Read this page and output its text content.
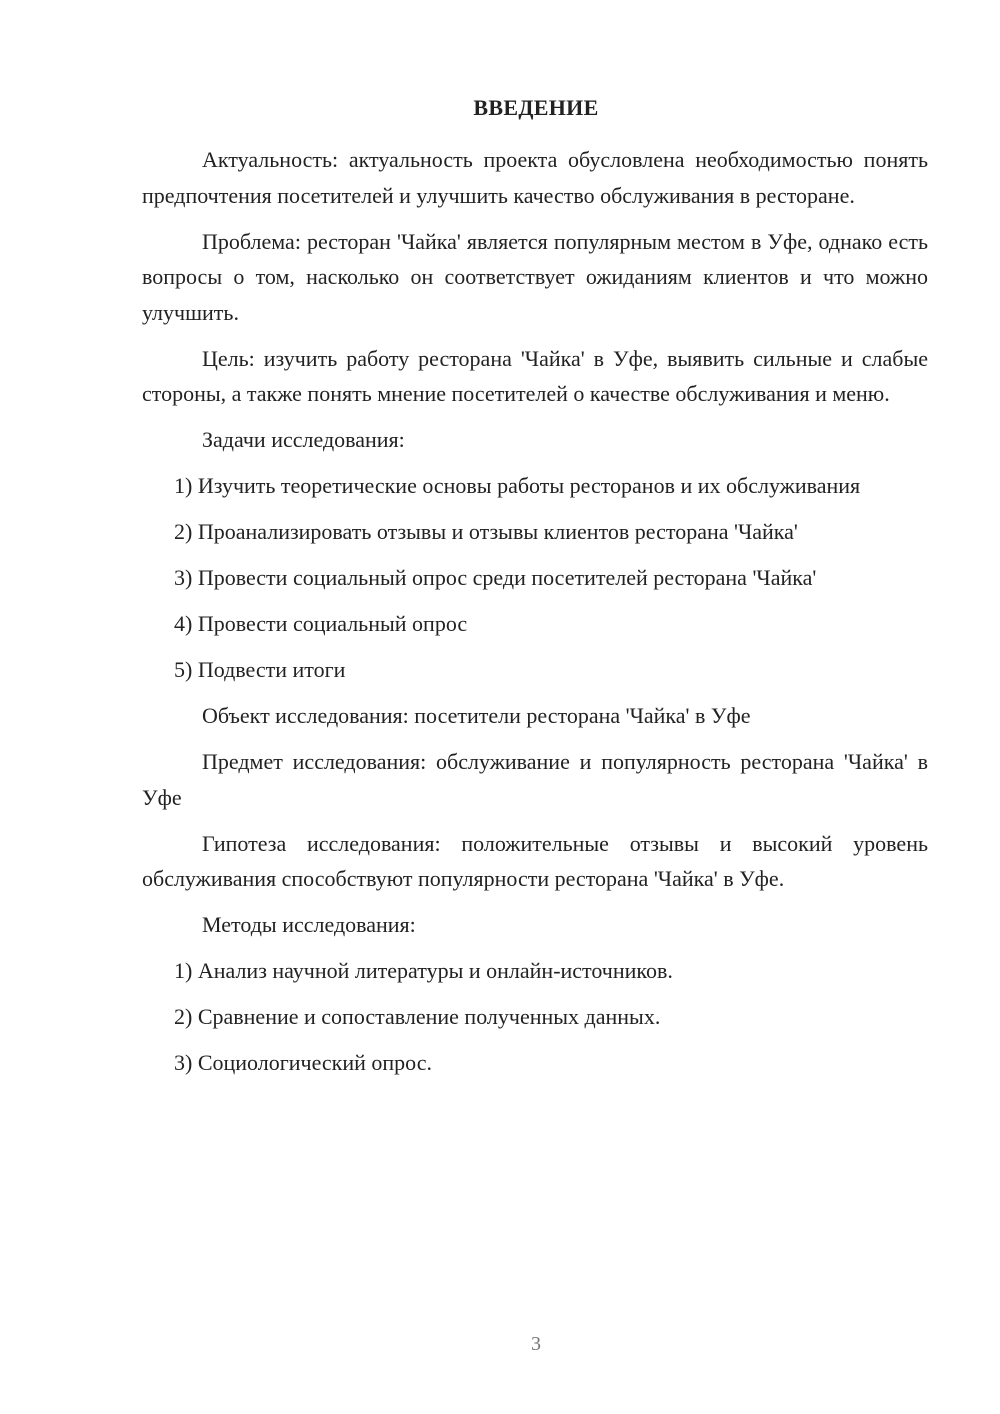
ВВЕДЕНИЕ

Актуальность: актуальность проекта обусловлена необходимостью понять предпочтения посетителей и улучшить качество обслуживания в ресторане.

Проблема: ресторан 'Чайка' является популярным местом в Уфе, однако есть вопросы о том, насколько он соответствует ожиданиям клиентов и что можно улучшить.

Цель: изучить работу ресторана 'Чайка' в Уфе, выявить сильные и слабые стороны, а также понять мнение посетителей о качестве обслуживания и меню.

Задачи исследования:

1) Изучить теоретические основы работы ресторанов и их обслуживания

2) Проанализировать отзывы и отзывы клиентов ресторана 'Чайка'

3) Провести социальный опрос среди посетителей ресторана 'Чайка'

4) Провести социальный опрос

5) Подвести итоги

Объект исследования: посетители ресторана 'Чайка' в Уфе

Предмет исследования: обслуживание и популярность ресторана 'Чайка' в Уфе

Гипотеза исследования: положительные отзывы и высокий уровень обслуживания способствуют популярности ресторана 'Чайка' в Уфе.

Методы исследования:

1) Анализ научной литературы и онлайн-источников.

2) Сравнение и сопоставление полученных данных.

3) Социологический опрос.

3
